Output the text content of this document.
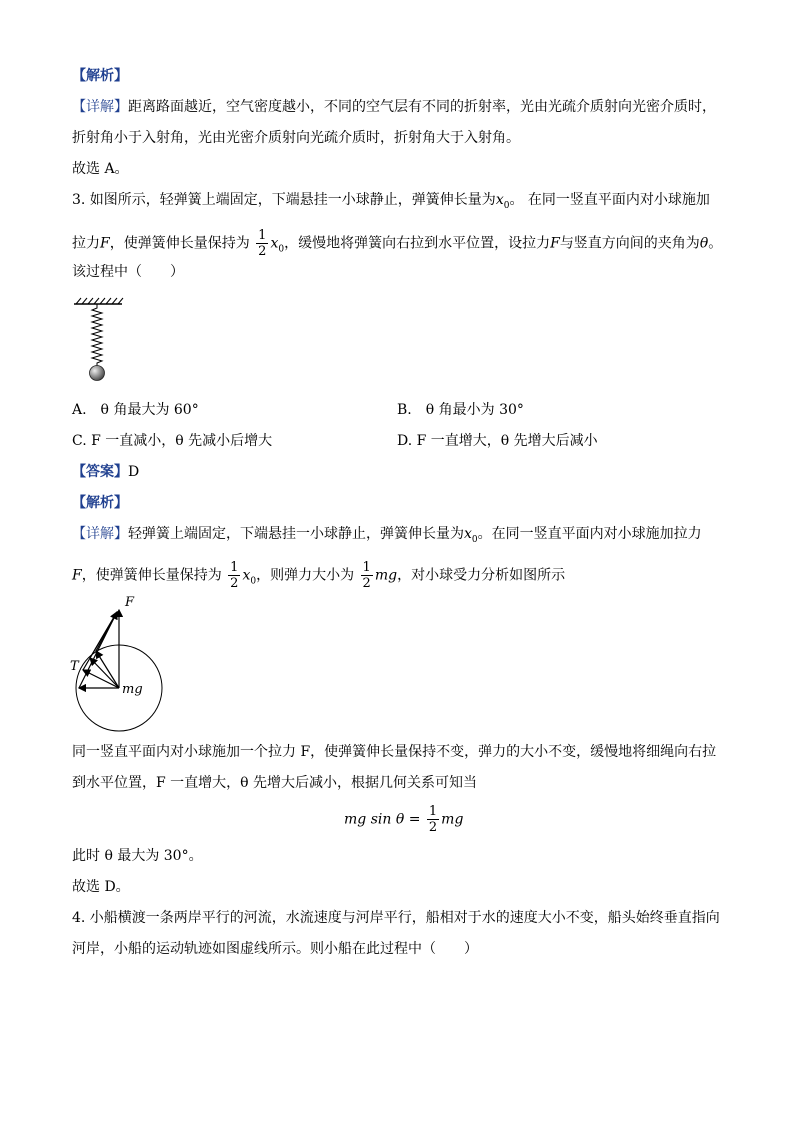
【解析】
【详解】距离路面越近，空气密度越小，不同的空气层有不同的折射率，光由光疏介质射向光密介质时，
折射角小于入射角，光由光密介质射向光疏介质时，折射角大于入射角。
故选 A。
3. 如图所示，轻弹簧上端固定，下端悬挂一小球静止，弹簧伸长量为$x_0$。 在同一竖直平面内对小球施加
拉力F，使弹簧伸长量保持为 $\frac{1}{2} x_0$，缓慢地将弹簧向右拉到水平位置，设拉力F与竖直方向间的夹角为θ。
该过程中（　　）
A.　θ 角最大为 60°	B.　θ 角最小为 30°
C. F 一直减小，θ 先减小后增大	D. F 一直增大，θ 先增大后减小
【答案】D
【解析】
【详解】轻弹簧上端固定，下端悬挂一小球静止，弹簧伸长量为$x_0$。在同一竖直平面内对小球施加拉力
F，使弹簧伸长量保持为 $\frac{1}{2} x_0$，则弹力大小为 $\frac{1}{2}$ mg，对小球受力分析如图所示
F
T
mg
同一竖直平面内对小球施加一个拉力 F，使弹簧伸长量保持不变，弹力的大小不变，缓慢地将细绳向右拉
到水平位置，F 一直增大，θ 先增大后减小，根据几何关系可知当
mg $\sin \theta = \frac{1}{2}$ mg
此时 θ 最大为 30°。
故选 D。
4. 小船横渡一条两岸平行的河流，水流速度与河岸平行，船相对于水的速度大小不变，船头始终垂直指向
河岸，小船的运动轨迹如图虚线所示。则小船在此过程中（　　）
